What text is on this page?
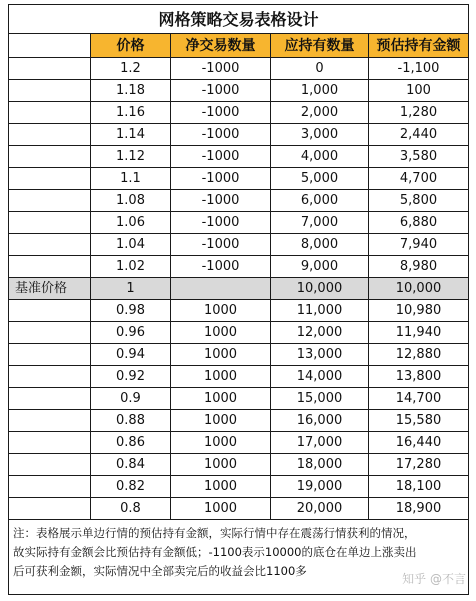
网格策略交易表格设计				
	价格	净交易数量	应持有数量	预估持有金额
	1.2	-1000	0	-1,100
	1.18	-1000	1,000	100
	1.16	-1000	2,000	1,280
	1.14	-1000	3,000	2,440
	1.12	-1000	4,000	3,580
	1.1	-1000	5,000	4,700
	1.08	-1000	6,000	5,800
	1.06	-1000	7,000	6,880
	1.04	-1000	8,000	7,940
	1.02	-1000	9,000	8,980
基准价格	1		10,000	10,000
	0.98	1000	11,000	10,980
	0.96	1000	12,000	11,940
	0.94	1000	13,000	12,880
	0.92	1000	14,000	13,800
	0.9	1000	15,000	14,700
	0.88	1000	16,000	15,580
	0.86	1000	17,000	16,440
	0.84	1000	18,000	17,280
	0.82	1000	19,000	18,100
	0.8	1000	20,000	18,900

注：表格展示单边行情的预估持有金额，实际行情中存在震荡行情获利的情况，
故实际持有金额会比预估持有金额低；-1100表示10000的底仓在单边上涨卖出
后可获利金额，实际情况中全部卖完后的收益会比1100多				
知乎 @不言
